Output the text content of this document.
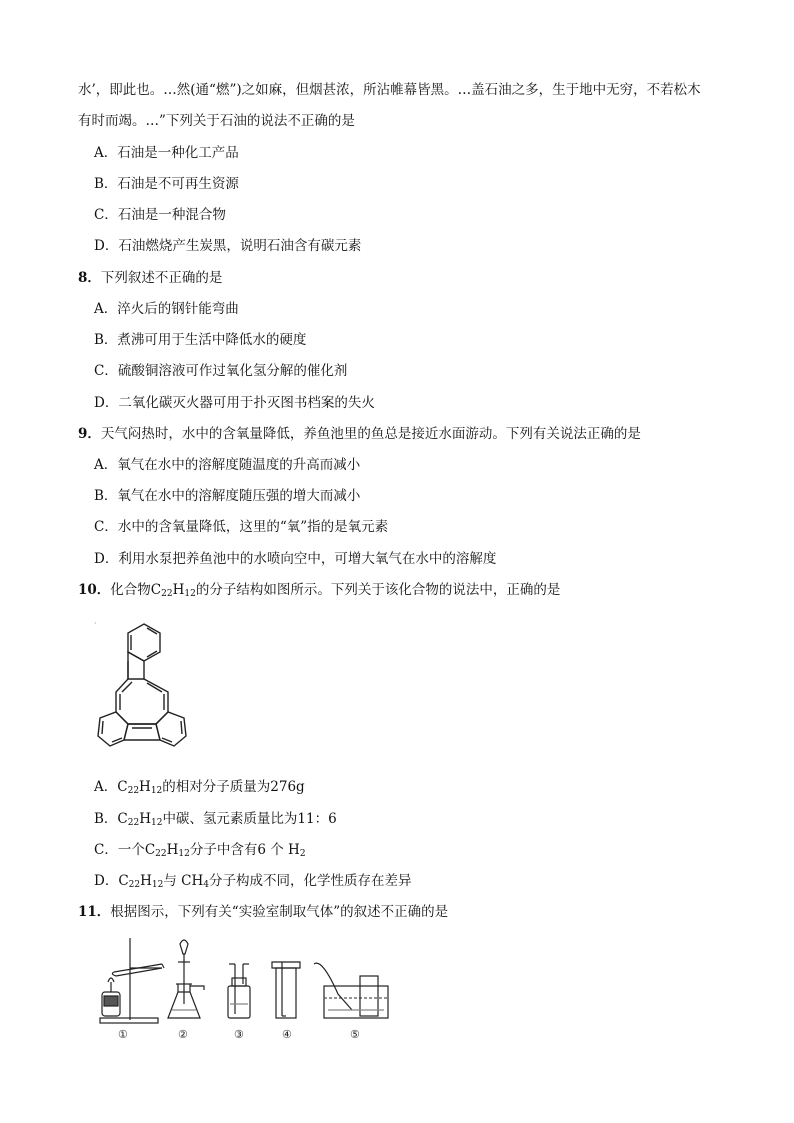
水’，即此也。…然(通“燃”)之如麻，但烟甚浓，所沾帷幕皆黑。…盖石油之多，生于地中无穷，不若松木
有时而竭。…”下列关于石油的说法不正确的是
A．石油是一种化工产品
B．石油是不可再生资源
C．石油是一种混合物
D．石油燃烧产生炭黑，说明石油含有碳元素
8．下列叙述不正确的是
A．淬火后的钢针能弯曲
B．煮沸可用于生活中降低水的硬度
C．硫酸铜溶液可作过氧化氢分解的催化剂
D．二氧化碳灭火器可用于扑灭图书档案的失火
9．天气闷热时，水中的含氧量降低，养鱼池里的鱼总是接近水面游动。下列有关说法正确的是
A．氧气在水中的溶解度随温度的升高而减小
B．氧气在水中的溶解度随压强的增大而减小
C．水中的含氧量降低，这里的“氧”指的是氧元素
D．利用水泵把养鱼池中的水喷向空中，可增大氧气在水中的溶解度
10．化合物$C_{22}H_{12}$的分子结构如图所示。下列关于该化合物的说法中，正确的是
·
A．$C_{22}H_{12}$的相对分子质量为276g
B．$C_{22}H_{12}$中碳、氢元素质量比为11：6
C．一个$C_{22}H_{12}$分子中含有6 个 $H_2$
D．$C_{22}H_{12}$与 $CH_4$分子构成不同，化学性质存在差异
11．根据图示，下列有关“实验室制取气体”的叙述不正确的是
①	②	③	④	⑤
